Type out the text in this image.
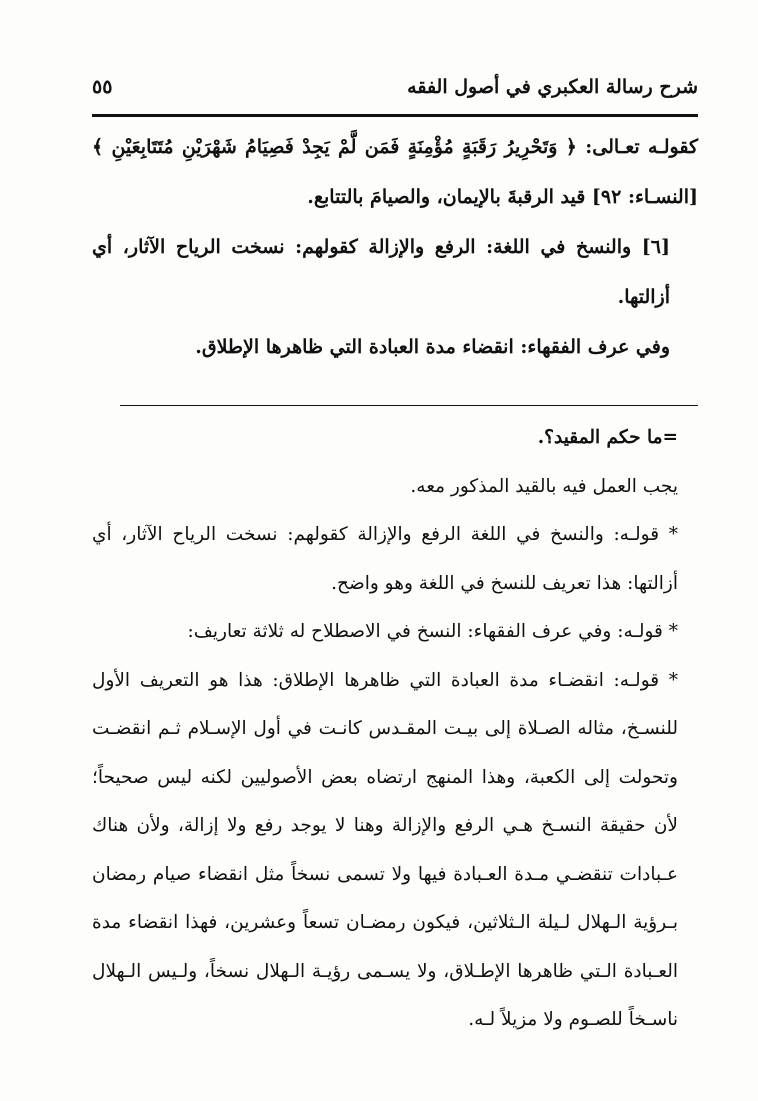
شرح رسالة العكبري في أصول الفقه
٥٥

كقولـه تعـالى: ﴿ وَتَحْرِيرُ رَقَبَةٍ مُؤْمِنَةٍ فَمَن لَّمْ يَجِدْ فَصِيَامُ شَهْرَيْنِ مُتَتَابِعَيْنِ ﴾ [النسـاء: ٩٢] قيد الرقبةَ بالإيمان، والصيامَ بالتتابع.

[٦] والنسخ في اللغة: الرفع والإزالة كقولهم: نسخت الرياح الآثار، أي أزالتها.

وفي عرف الفقهاء: انقضاء مدة العبادة التي ظاهرها الإطلاق.

=ما حكم المقيد؟.

يجب العمل فيه بالقيد المذكور معه.

* قولـه: والنسخ في اللغة الرفع والإزالة كقولهم: نسخت الرياح الآثار، أي أزالتها: هذا تعريف للنسخ في اللغة وهو واضح.

* قولـه: وفي عرف الفقهاء: النسخ في الاصطلاح له ثلاثة تعاريف:

* قولـه: انقضـاء مدة العبادة التي ظاهرها الإطلاق: هذا هو التعريف الأول للنسـخ، مثاله الصـلاة إلى بيـت المقـدس كانـت في أول الإسـلام ثـم انقضـت وتحولت إلى الكعبة، وهذا المنهج ارتضاه بعض الأصوليين لكنه ليس صحيحاً؛ لأن حقيقة النسـخ هـي الرفع والإزالة وهنا لا يوجد رفع ولا إزالة، ولأن هناك عـبادات تنقضـي مـدة العـبادة فيها ولا تسمى نسخاً مثل انقضاء صيام رمضان بـرؤية الـهلال لـيلة الـثلاثين، فيكون رمضـان تسعاً وعشرين، فهذا انقضاء مدة العـبادة الـتي ظاهرها الإطـلاق، ولا يسـمى رؤيـة الـهلال نسخاً، ولـيس الـهلال ناسـخاً للصـوم ولا مزيلاً لـه.
